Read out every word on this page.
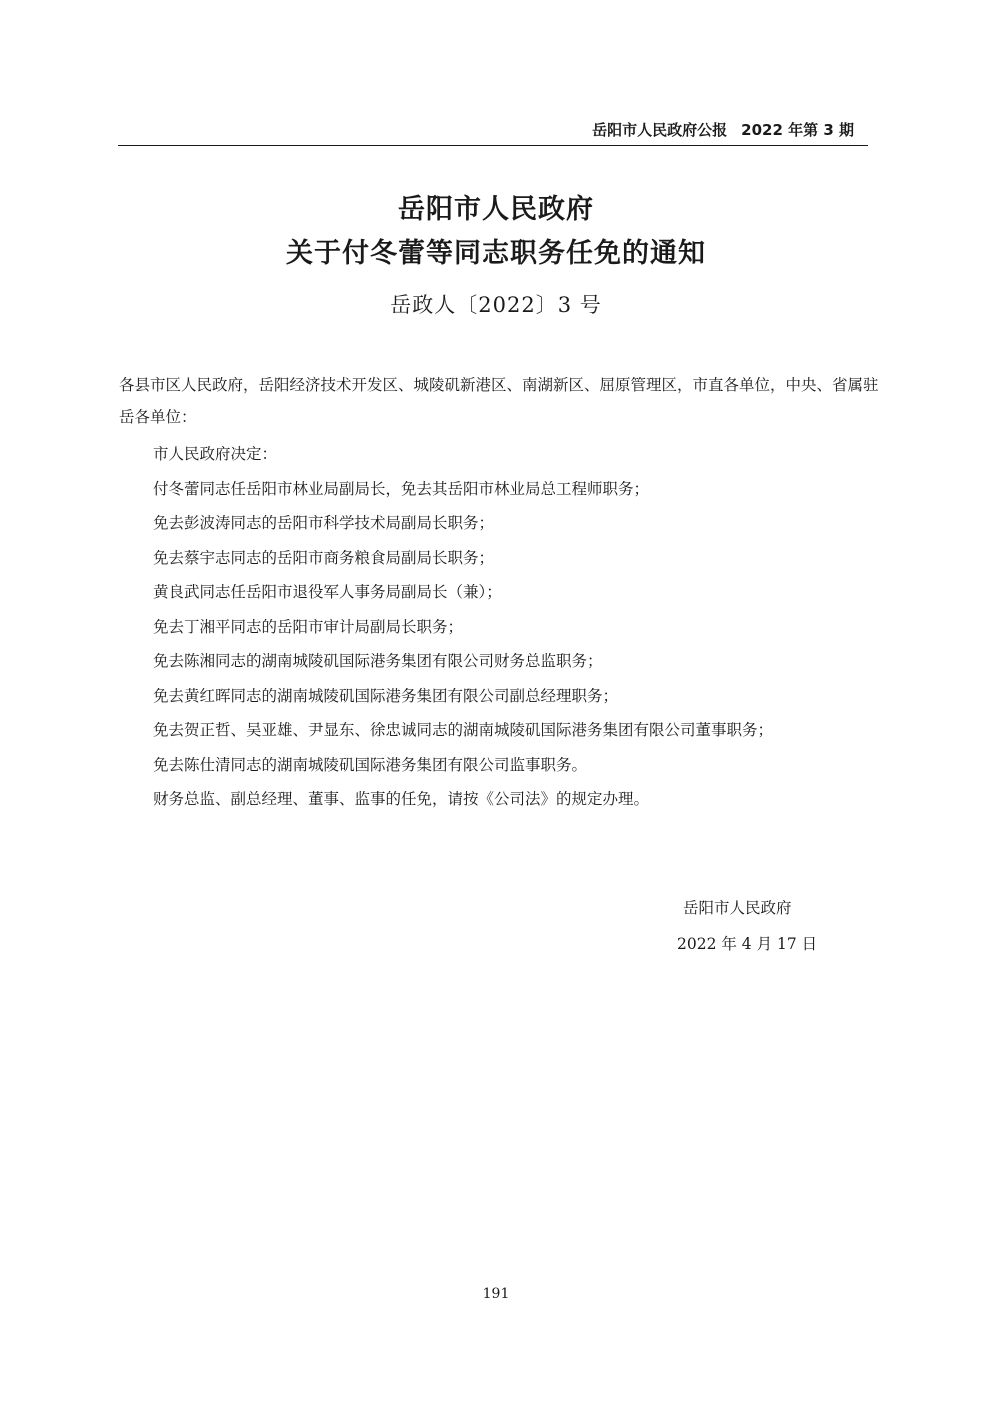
岳阳市人民政府公报 2022 年第 3 期
岳阳市人民政府
关于付冬蕾等同志职务任免的通知
岳政人〔2022〕3 号

各县市区人民政府，岳阳经济技术开发区、城陵矶新港区、南湖新区、屈原管理区，市直各单位，中央、省属驻岳各单位：

市人民政府决定：

付冬蕾同志任岳阳市林业局副局长，免去其岳阳市林业局总工程师职务；

免去彭波涛同志的岳阳市科学技术局副局长职务；

免去蔡宇志同志的岳阳市商务粮食局副局长职务；

黄良武同志任岳阳市退役军人事务局副局长（兼）；

免去丁湘平同志的岳阳市审计局副局长职务；

免去陈湘同志的湖南城陵矶国际港务集团有限公司财务总监职务；

免去黄红晖同志的湖南城陵矶国际港务集团有限公司副总经理职务；

免去贺正哲、吴亚雄、尹显东、徐忠诚同志的湖南城陵矶国际港务集团有限公司董事职务；

免去陈仕清同志的湖南城陵矶国际港务集团有限公司监事职务。

财务总监、副总经理、董事、监事的任免，请按《公司法》的规定办理。

岳阳市人民政府
2022 年 4 月 17 日
191
